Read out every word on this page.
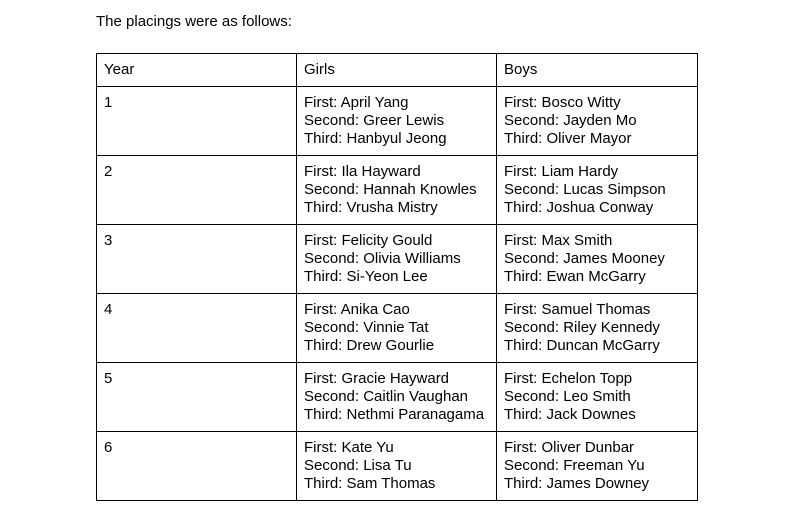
The placings were as follows:

Year	Girls	Boys
1	First: April Yang
Second: Greer Lewis
Third: Hanbyul Jeong	First: Bosco Witty
Second: Jayden Mo
Third: Oliver Mayor

2	First: Ila Hayward
Second: Hannah Knowles
Third: Vrusha Mistry	First: Liam Hardy
Second: Lucas Simpson
Third: Joshua Conway

3	First: Felicity Gould
Second: Olivia Williams
Third: Si-Yeon Lee	First: Max Smith
Second: James Mooney
Third: Ewan McGarry

4	First: Anika Cao
Second: Vinnie Tat
Third: Drew Gourlie	First: Samuel Thomas
Second: Riley Kennedy
Third: Duncan McGarry

5	First: Gracie Hayward
Second: Caitlin Vaughan
Third: Nethmi Paranagama	First: Echelon Topp
Second: Leo Smith
Third: Jack Downes

6	First: Kate Yu
Second: Lisa Tu
Third: Sam Thomas	First: Oliver Dunbar
Second: Freeman Yu
Third: James Downey
